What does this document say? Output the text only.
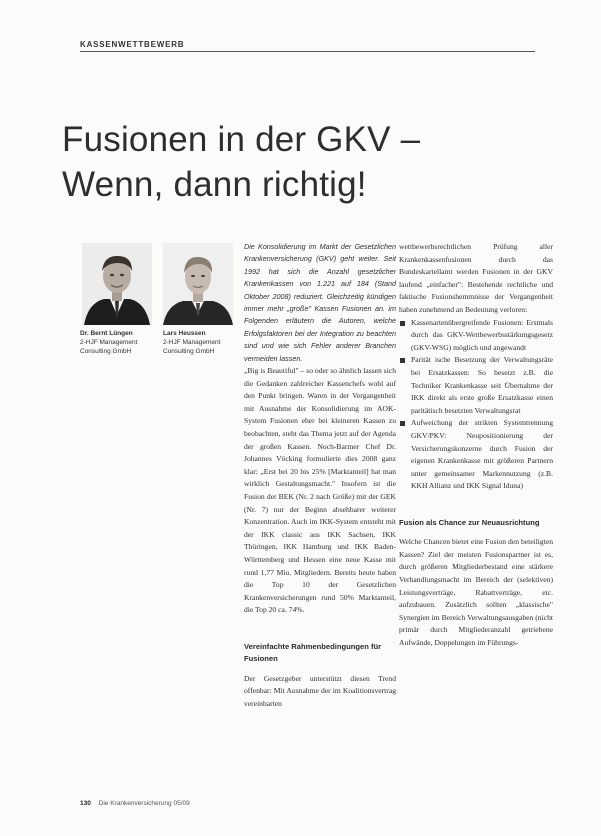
KASSENWETTBEWERB
Fusionen in der GKV –
Wenn, dann richtig!
Dr. Bernt Lüngen
2-HJF Management
Consulting GmbH
Lars Heussen
2-HJF Management
Consulting GmbH

Die Konsolidierung im Markt der Gesetzlichen Krankenversicherung (GKV) geht weiter. Seit 1992 hat sich die Anzahl gesetzlicher Krankenkassen von 1.221 auf 184 (Stand Oktober 2008) reduziert. Gleichzeitig kündigen immer mehr „große" Kassen Fusionen an. im Folgenden erläutern die Autoren, welche Erfolgsfaktoren bei der Integration zu beachten sind und wie sich Fehler anderer Branchen vermeiden lassen.

„Big is Beautiful" – so oder so ähnlich lassen sich die Gedanken zahlreicher Kassenchefs wohl auf den Punkt bringen. Waren in der Vergangenheit mit Ausnahme der Konsolidierung im AOK-System Fusionen eher bei kleineren Kassen zu beobachten, steht das Thema jetzt auf der Agenda der großen Kassen. Noch-Barmer Chef Dr. Johannes Vöcking formulierte dies 2008 ganz klar: „Erst bei 20 bis 25% [Marktanteil] hat man wirklich Gestaltungsmacht." Insofern ist die Fusion der BEK (Nr. 2 nach Größe) mit der GEK (Nr. 7) nur der Beginn absehbarer weiterer Konzentration. Auch im IKK-System entsteht mit der IKK classic aus IKK Sachsen, IKK Thüringen, IKK Hamburg und IKK Baden-Württemberg und Hessen eine neue Kasse mit rund 1,77 Mio. Mitgliedern. Bereits heute haben die Top 10 der Gesetzlichen Krankenversicherungen rund 50% Marktanteil, die Top 20 ca. 74%.

Vereinfachte Rahmenbedingungen für Fusionen

Der Gesetzgeber unterstützt diesen Trend offenbar: Mit Ausnahme der im Koalitionsvertrag vereinbarten

wettbewerbsrechtlichen Prüfung aller Krankenkassenfusionen durch das Bundeskartellamt werden Fusionen in der GKV laufend „einfacher": Bestehende rechtliche und faktische Fusionshemmnisse der Vergangenheit haben zunehmend an Bedeutung verloren:

Kassenartenübergreifende Fusionen: Erstmals durch das GKV-Wettbewerbsstärkungsgesetz (GKV-WSG) möglich und angewandt
Parität ische Besetzung der Verwaltungsräte bei Ersatzkassen: So besetzt z.B. die Techniker Krankenkasse seit Übernahme der IKK direkt als erste große Ersatzkasse einen paritätisch besetzten Verwaltungsrat
Aufweichung der strikten Systemtrennung GKV/PKV: Neupositionierung der Versicherungskonzerne durch Fusion der eigenen Krankenkasse mit größeren Partnern unter gemeinsamer Markennutzung (z.B. KKH Allianz und IKK Signal Iduna)
Fusion als Chance zur Neuausrichtung

Welche Chancen bietet eine Fusion den beteiligten Kassen? Ziel der meisten Fusionspartner ist es, durch größeren Mitgliederbestand eine stärkere Verhandlungsmacht im Bereich der (selektiven) Leistungsverträge, Rabattverträge, etc. aufzubauen. Zusätzlich sollten „klassische" Synergien im Bereich Verwaltungsausgaben (nicht primär durch Mitgliederanzahl getriebene Aufwände, Doppelungen im Führungs-

130 Die Krankenversicherung 05/09
